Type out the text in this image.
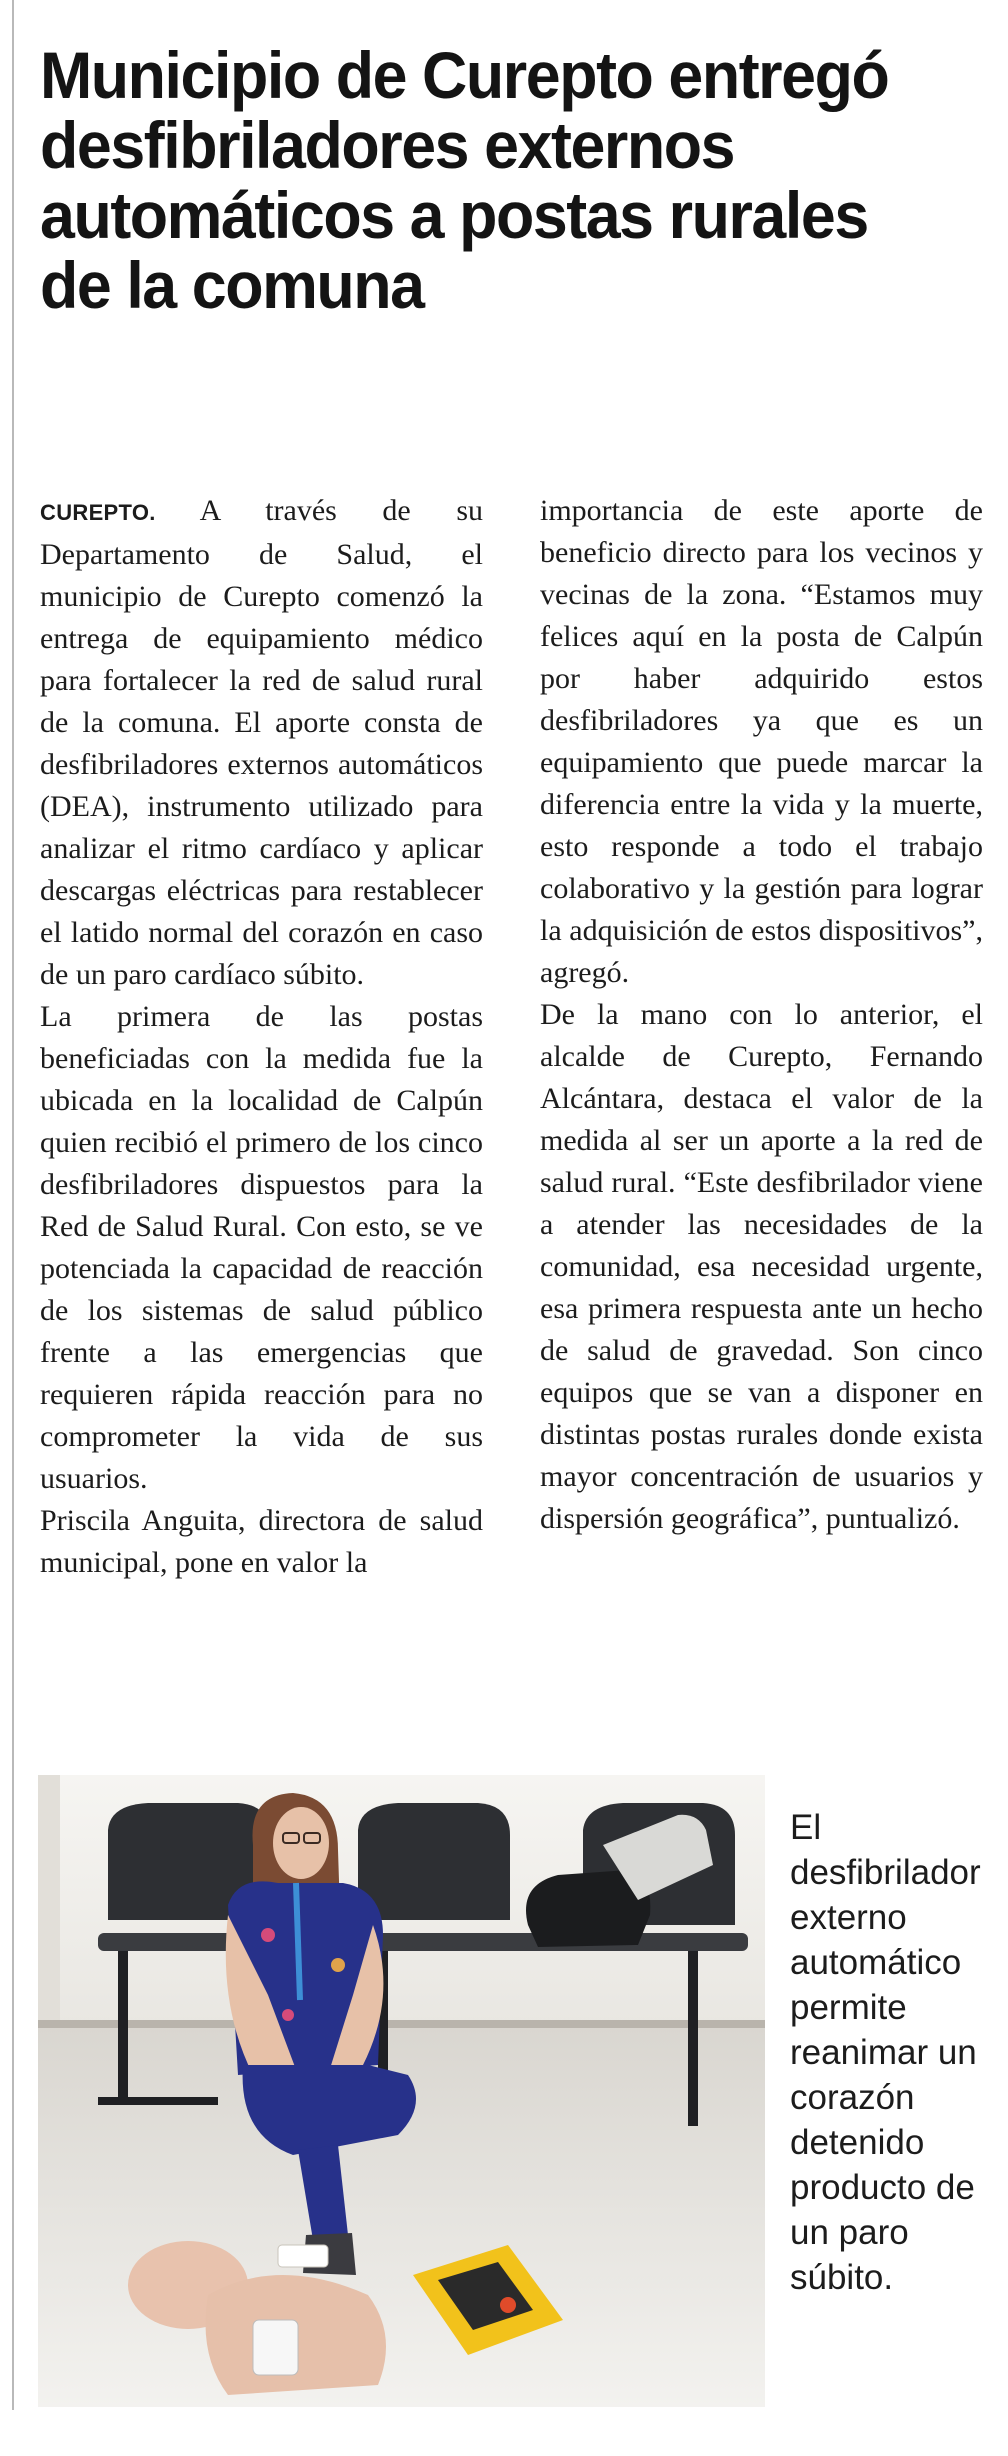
Municipio de Curepto entregó desfibriladores externos automáticos a postas rurales de la comuna

CUREPTO. A través de su Departamento de Salud, el municipio de Curepto comenzó la entrega de equipamiento médico para fortalecer la red de salud rural de la comuna. El aporte consta de desfibriladores externos automáticos (DEA), instrumento utilizado para analizar el ritmo cardíaco y aplicar descargas eléctricas para restablecer el latido normal del corazón en caso de un paro cardíaco súbito.

La primera de las postas beneficiadas con la medida fue la ubicada en la localidad de Calpún quien recibió el primero de los cinco desfibriladores dispuestos para la Red de Salud Rural. Con esto, se ve potenciada la capacidad de reacción de los sistemas de salud público frente a las emergencias que requieren rápida reacción para no comprometer la vida de sus usuarios.

Priscila Anguita, directora de salud municipal, pone en valor la

importancia de este aporte de beneficio directo para los vecinos y vecinas de la zona. “Estamos muy felices aquí en la posta de Calpún por haber adquirido estos desfibriladores ya que es un equipamiento que puede marcar la diferencia entre la vida y la muerte, esto responde a todo el trabajo colaborativo y la gestión para lograr la adquisición de estos dispositivos”, agregó.

De la mano con lo anterior, el alcalde de Curepto, Fernando Alcántara, destaca el valor de la medida al ser un aporte a la red de salud rural. “Este desfibrilador viene a atender las necesidades de la comunidad, esa necesidad urgente, esa primera respuesta ante un hecho de salud de gravedad. Son cinco equipos que se van a disponer en distintas postas rurales donde exista mayor concentración de usuarios y dispersión geográfica”, puntualizó.

El desfibrilador externo automático permite reanimar un corazón detenido producto de un paro súbito.
